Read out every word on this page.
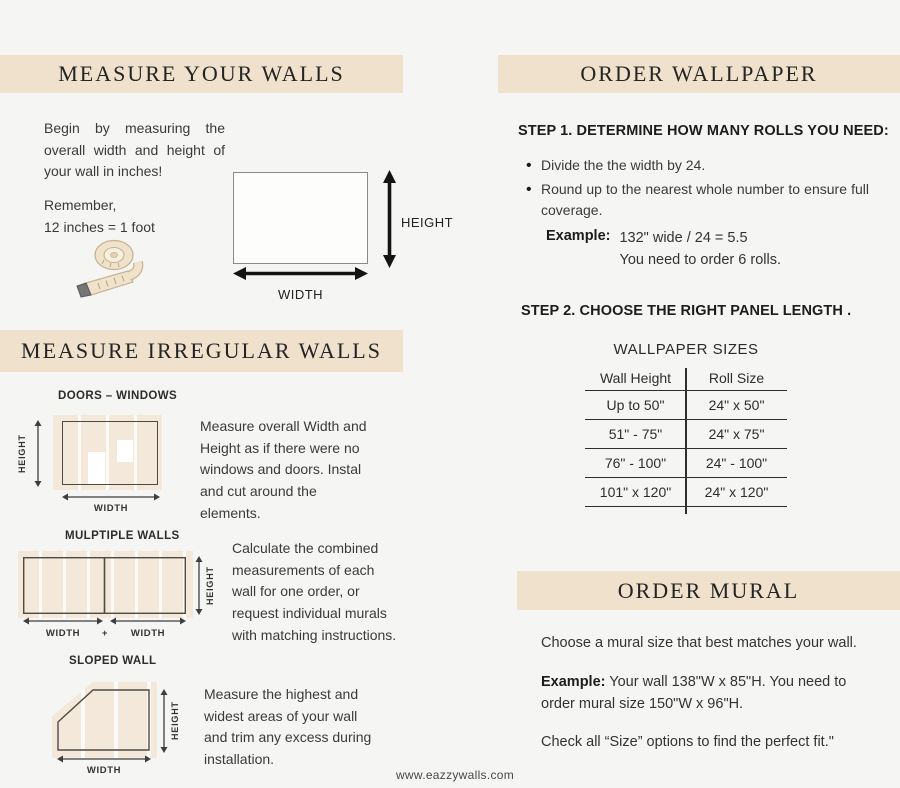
MEASURE YOUR WALLS
Begin by measuring the overall width and height of your wall in inches!
Remember,
12 inches = 1 foot	HEIGHT
WIDTH
MEASURE IRREGULAR WALLS
DOORS – WINDOWS
HEIGHT
WIDTH
Measure overall Width and Height as if there were no windows and doors. Instal and cut around the elements.
MULPTIPLE WALLS
HEIGHT
WIDTH	+	WIDTH
Calculate the combined measurements of each wall for one order, or request individual murals with matching instructions.
SLOPED WALL
HEIGHT
WIDTH
Measure the highest and widest areas of your wall and trim any excess during installation.
ORDER WALLPAPER
STEP 1. DETERMINE HOW MANY ROLLS YOU NEED:
• Divide the the width by 24.
• Round up to the nearest whole number to ensure full coverage.
Example: 132" wide / 24 = 5.5
You need to order 6 rolls.
STEP 2. CHOOSE THE RIGHT PANEL LENGTH .
WALLPAPER SIZES
Wall Height	Roll Size
Up to 50"	24" x 50"
51" - 75"	24" x 75"
76" - 100"	24" - 100"
101" x 120"	24" x 120"
ORDER MURAL
Choose a mural size that best matches your wall.
Example: Your wall 138"W x 85"H. You need to order mural size 150"W x 96"H.
Check all “Size” options to find the perfect fit."
www.eazzywalls.com
